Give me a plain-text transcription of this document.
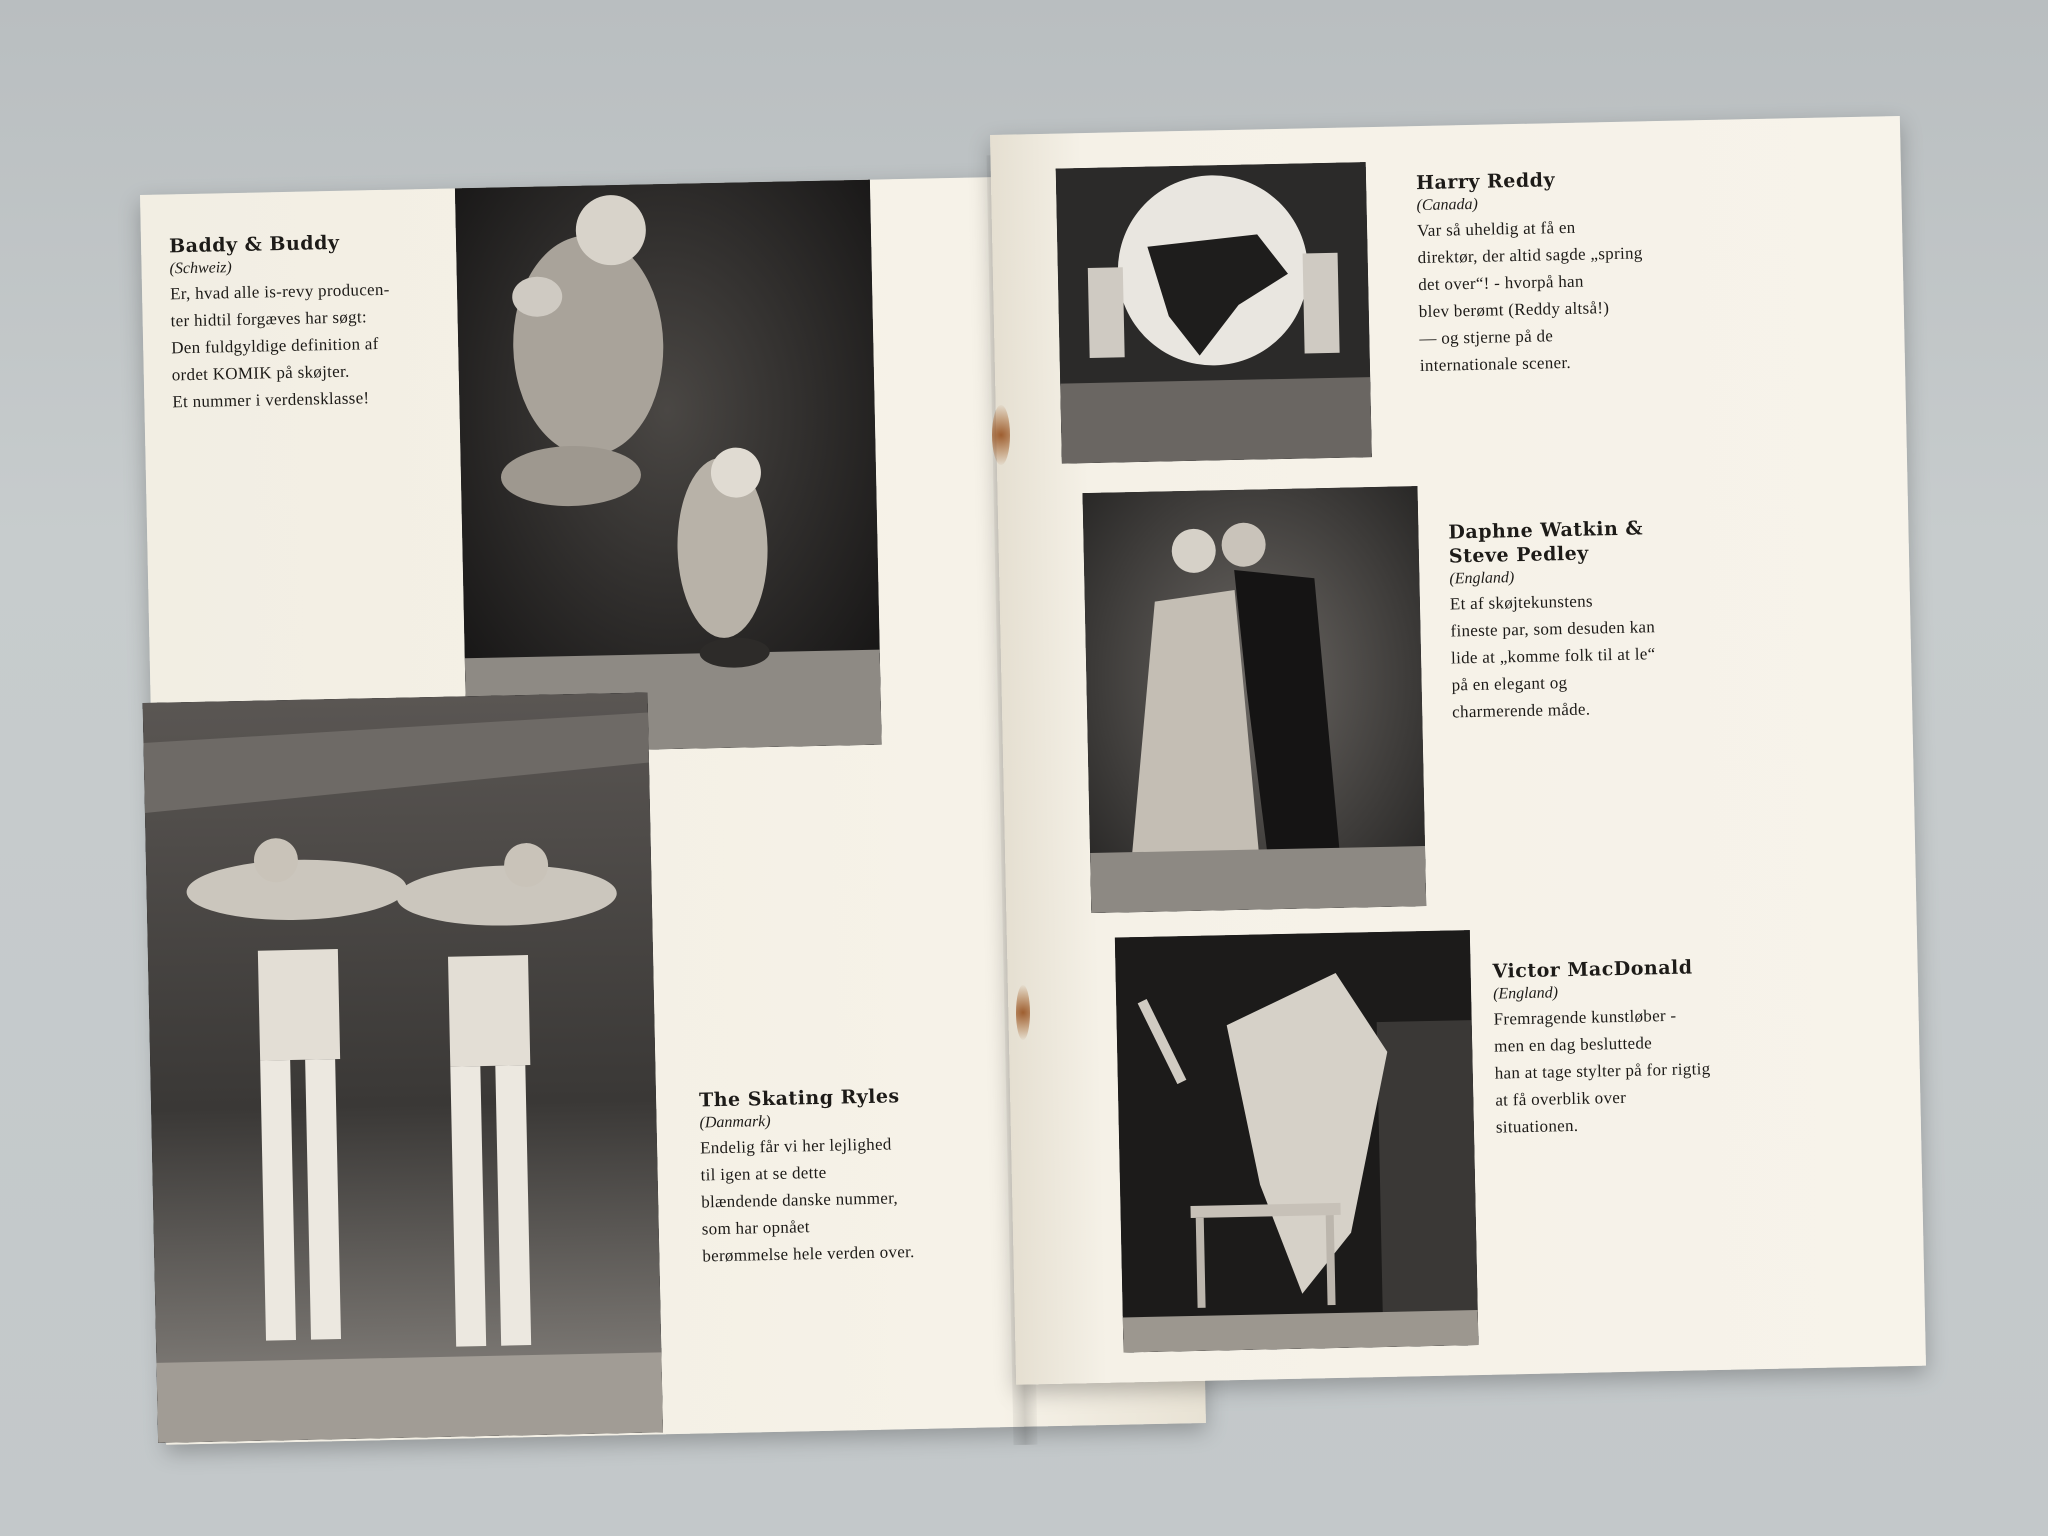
Baddy & Buddy
(Schweiz)
Er, hvad alle is-revy producen-
ter hidtil forgæves har søgt:
Den fuldgyldige definition af
ordet KOMIK på skøjter.
Et nummer i verdensklasse!
The Skating Ryles
(Danmark)
Endelig får vi her lejlighed
til igen at se dette
blændende danske nummer,
som har opnået
berømmelse hele verden over.
Harry Reddy
(Canada)
Var så uheldig at få en
direktør, der altid sagde „spring
det over“! - hvorpå han
blev berømt (Reddy altså!)
— og stjerne på de
internationale scener.
Daphne Watkin &
Steve Pedley
(England)
Et af skøjtekunstens
fineste par, som desuden kan
lide at „komme folk til at le“
på en elegant og
charmerende måde.
Victor MacDonald
(England)
Fremragende kunstløber -
men en dag besluttede
han at tage stylter på for rigtig
at få overblik over
situationen.
